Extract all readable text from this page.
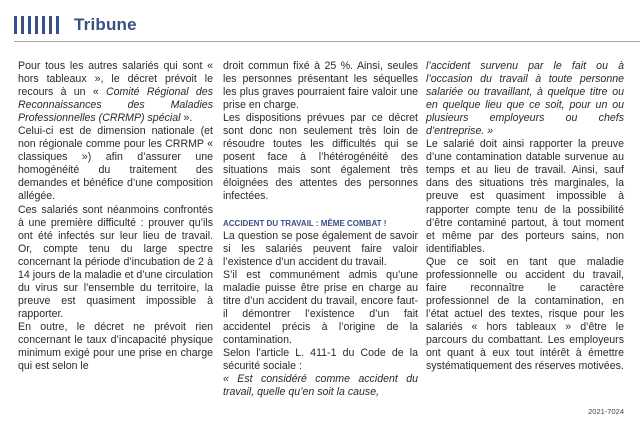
Tribune

Pour tous les autres salariés qui sont « hors tableaux », le décret prévoit le recours à un « Comité Régional des Reconnaissances des Maladies Professionnelles (CRRMP) spécial ».

Celui-ci est de dimension nationale (et non régionale comme pour les CRRMP « classiques ») afin d’assurer une homogénéité du traitement des demandes et bénéfice d’une composition allégée.

Ces salariés sont néanmoins confrontés à une première difficulté : prouver qu’ils ont été infectés sur leur lieu de travail. Or, compte tenu du large spectre concernant la période d’incubation de 2 à 14 jours de la maladie et d’une circulation du virus sur l’ensemble du territoire, la preuve est quasiment impossible à rapporter.

En outre, le décret ne prévoit rien concernant le taux d’incapacité physique minimum exigé pour une prise en charge qui est selon le

droit commun fixé à 25 %. Ainsi, seules les personnes présentant les séquelles les plus graves pourraient faire valoir une prise en charge.

Les dispositions prévues par ce décret sont donc non seulement très loin de résoudre toutes les difficultés qui se posent face à l’hétérogénéité des situations mais sont également très éloignées des attentes des personnes infectées.

ACCIDENT DU TRAVAIL : MÊME COMBAT !

La question se pose également de savoir si les salariés peuvent faire valoir l’existence d’un accident du travail.

S’il est communément admis qu’une maladie puisse être prise en charge au titre d’un accident du travail, encore faut-il démontrer l’existence d’un fait accidentel précis à l’origine de la contamination.

Selon l’article L. 411-1 du Code de la sécurité sociale :

« Est considéré comme accident du travail, quelle qu’en soit la cause,

l’accident survenu par le fait ou à l’occasion du travail à toute personne salariée ou travaillant, à quelque titre ou en quelque lieu que ce soit, pour un ou plusieurs employeurs ou chefs d’entreprise. »

Le salarié doit ainsi rapporter la preuve d’une contamination datable survenue au temps et au lieu de travail. Ainsi, sauf dans des situations très marginales, la preuve est quasiment impossible à rapporter compte tenu de la possibilité d’être contaminé partout, à tout moment et même par des porteurs sains, non identifiables.

Que ce soit en tant que maladie professionnelle ou accident du travail, faire reconnaître le caractère professionnel de la contamination, en l’état actuel des textes, risque pour les salariés « hors tableaux » d’être le parcours du combattant. Les employeurs ont quant à eux tout intérêt à émettre systématiquement des réserves motivées.

2021-7024
